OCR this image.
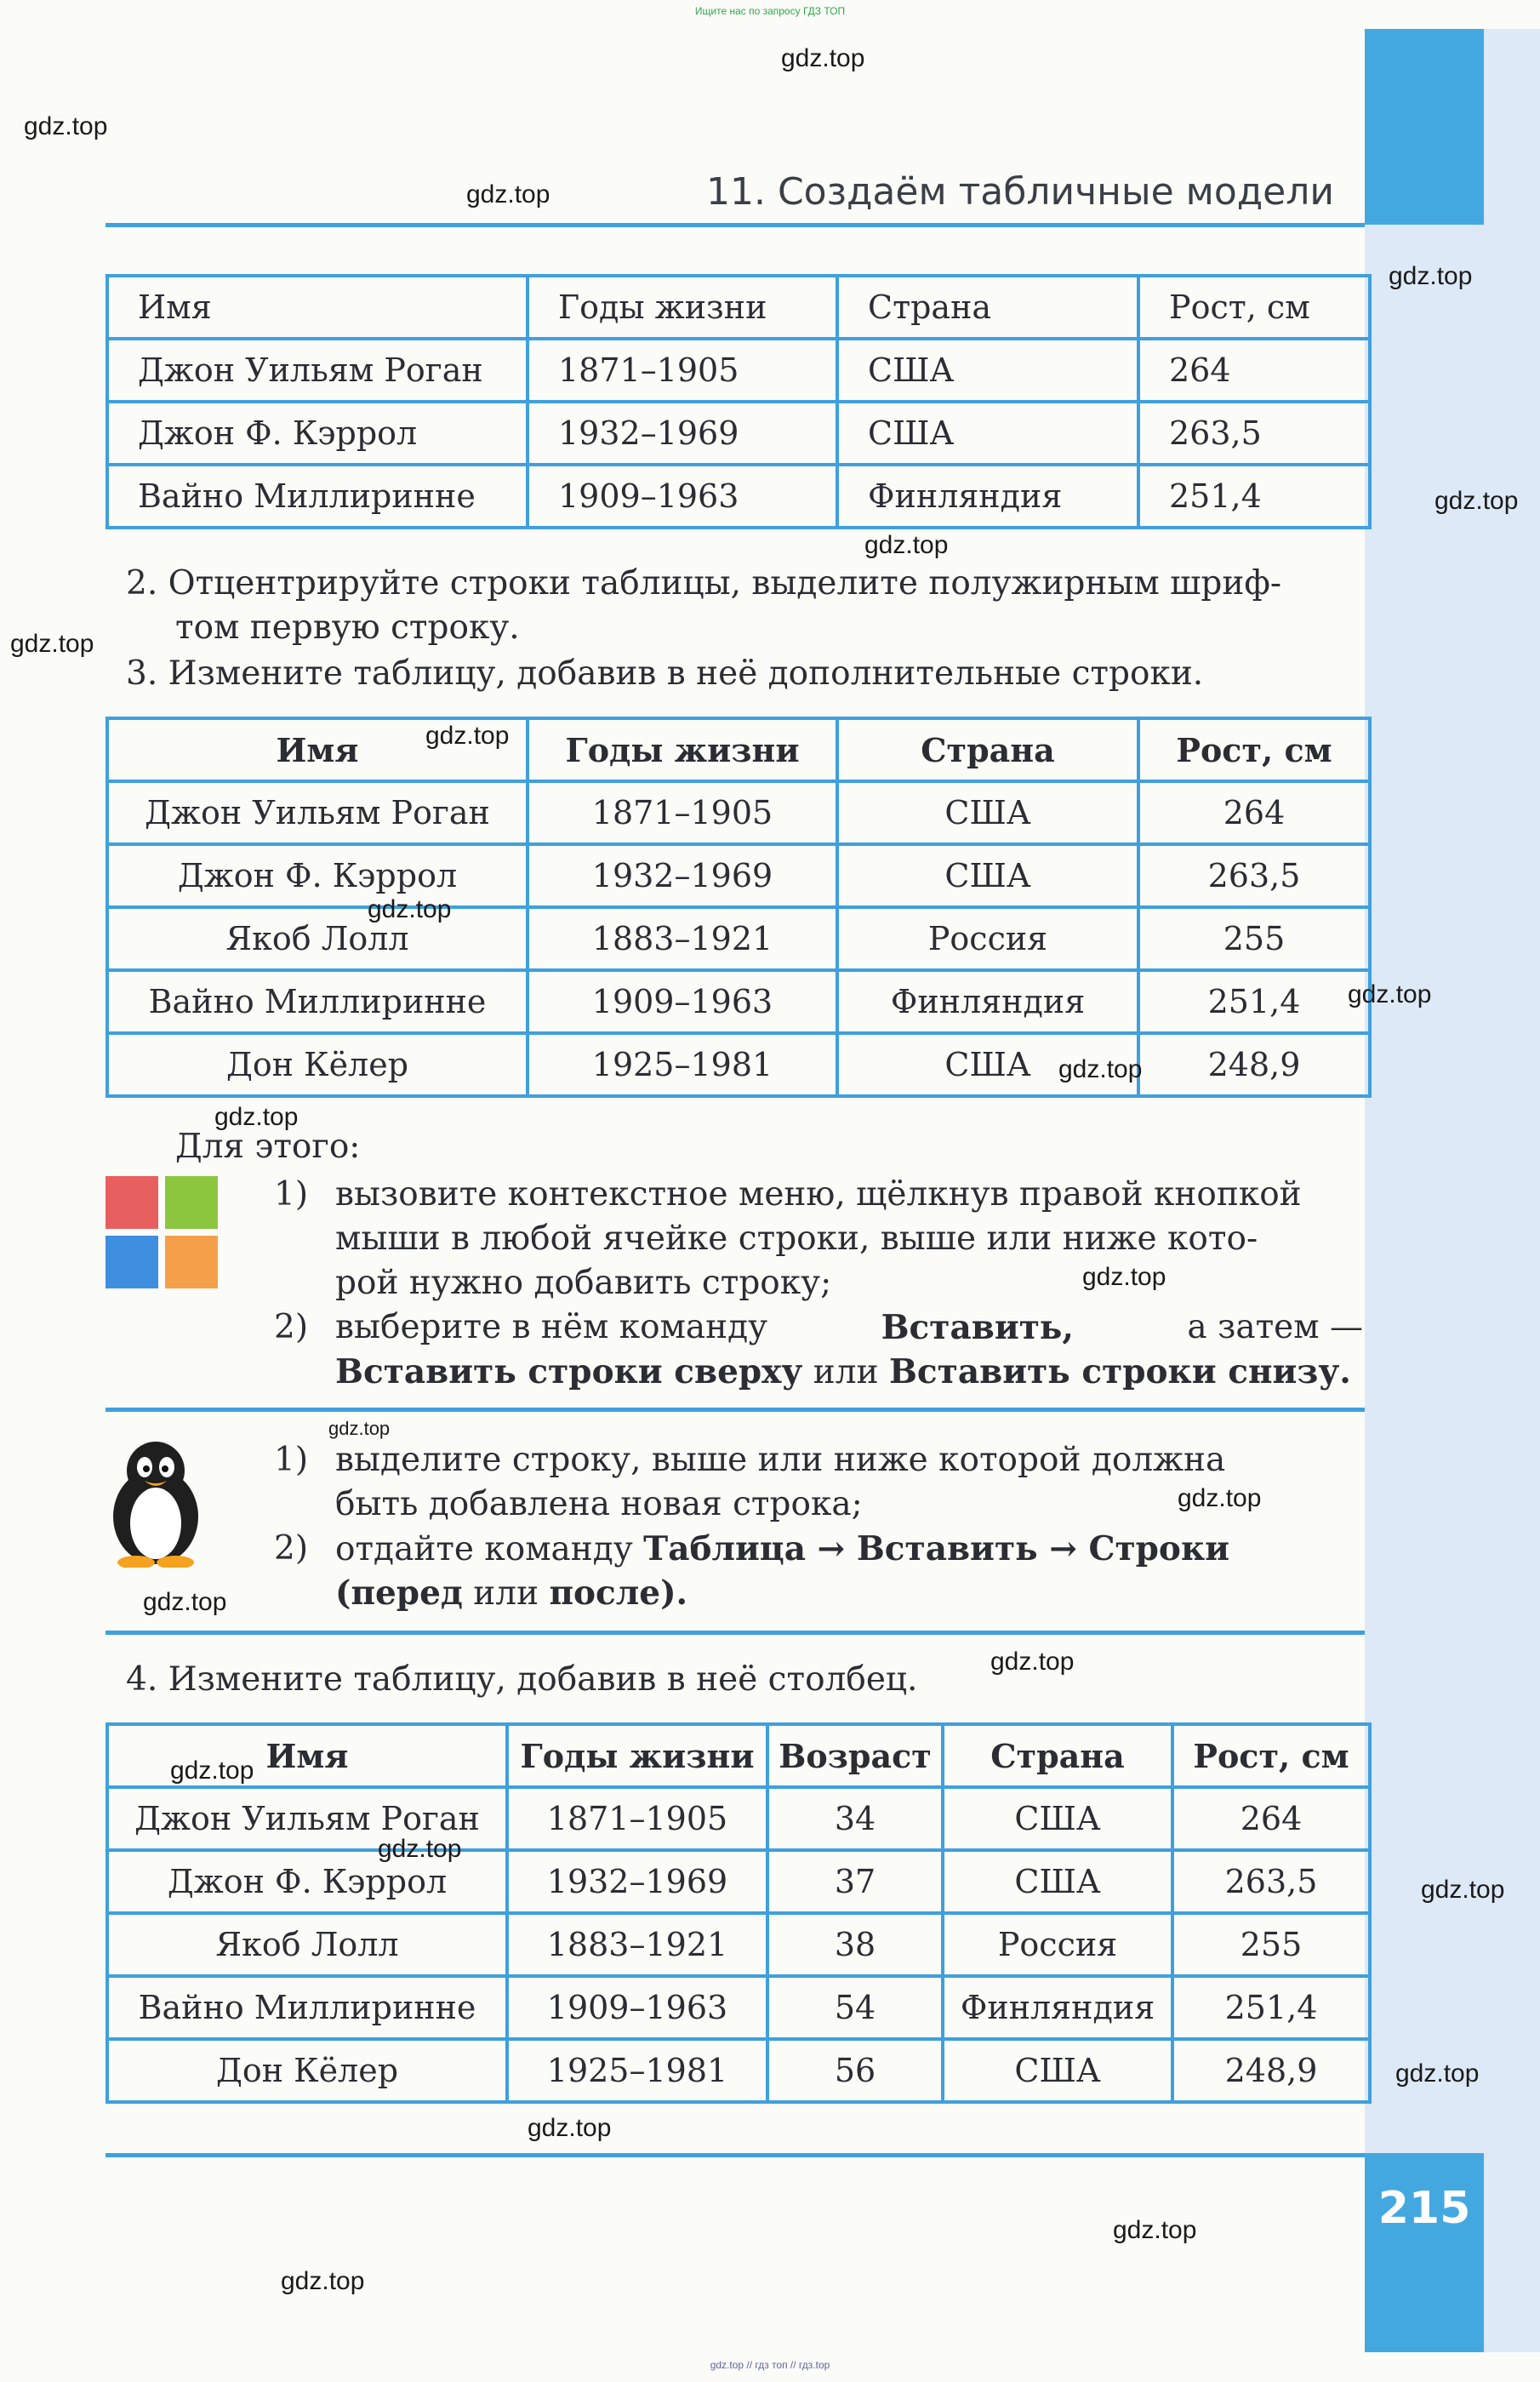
Ищите нас по запросу ГДЗ ТОП
215
11. Создаём табличные модели
Имя	Годы жизни	Страна	Рост, см
Джон Уильям Роган	1871–1905	США	264
Джон Ф. Кэррол	1932–1969	США	263,5
Вайно Миллиринне	1909–1963	Финляндия	251,4
2. Отцентрируйте строки таблицы, выделите полужирным шриф-
том первую строку.
3. Измените таблицу, добавив в неё дополнительные строки.
Имя	Годы жизни	Страна	Рост, см
Джон Уильям Роган	1871–1905	США	264
Джон Ф. Кэррол	1932–1969	США	263,5
Якоб Лолл	1883–1921	Россия	255
Вайно Миллиринне	1909–1963	Финляндия	251,4
Дон Кёлер	1925–1981	США	248,9
Для этого:
1) вызовите контекстное меню, щёлкнув правой кнопкой
мыши в любой ячейке строки, выше или ниже кото-
рой нужно добавить строку;
2) выберите в нём команду	Вставить,	а затем —
Вставить строки сверху или Вставить строки снизу.
1) выделите строку, выше или ниже которой должна
быть добавлена новая строка;
2) отдайте команду Таблица → Вставить → Строки
(перед или после).
4. Измените таблицу, добавив в неё столбец.
Имя	Годы жизни	Возраст	Страна	Рост, см
Джон Уильям Роган	1871–1905	34	США	264
Джон Ф. Кэррол	1932–1969	37	США	263,5
Якоб Лолл	1883–1921	38	Россия	255
Вайно Миллиринне	1909–1963	54	Финляндия	251,4
Дон Кёлер	1925–1981	56	США	248,9
gdz.top
gdz.top
gdz.top
gdz.top
gdz.top
gdz.top
gdz.top
gdz.top
gdz.top
gdz.top
gdz.top
gdz.top
gdz.top
gdz.top
gdz.top
gdz.top
gdz.top
gdz.top
gdz.top
gdz.top
gdz.top
gdz.top
gdz.top
gdz.top
gdz.top // гдз топ // гдз.top
